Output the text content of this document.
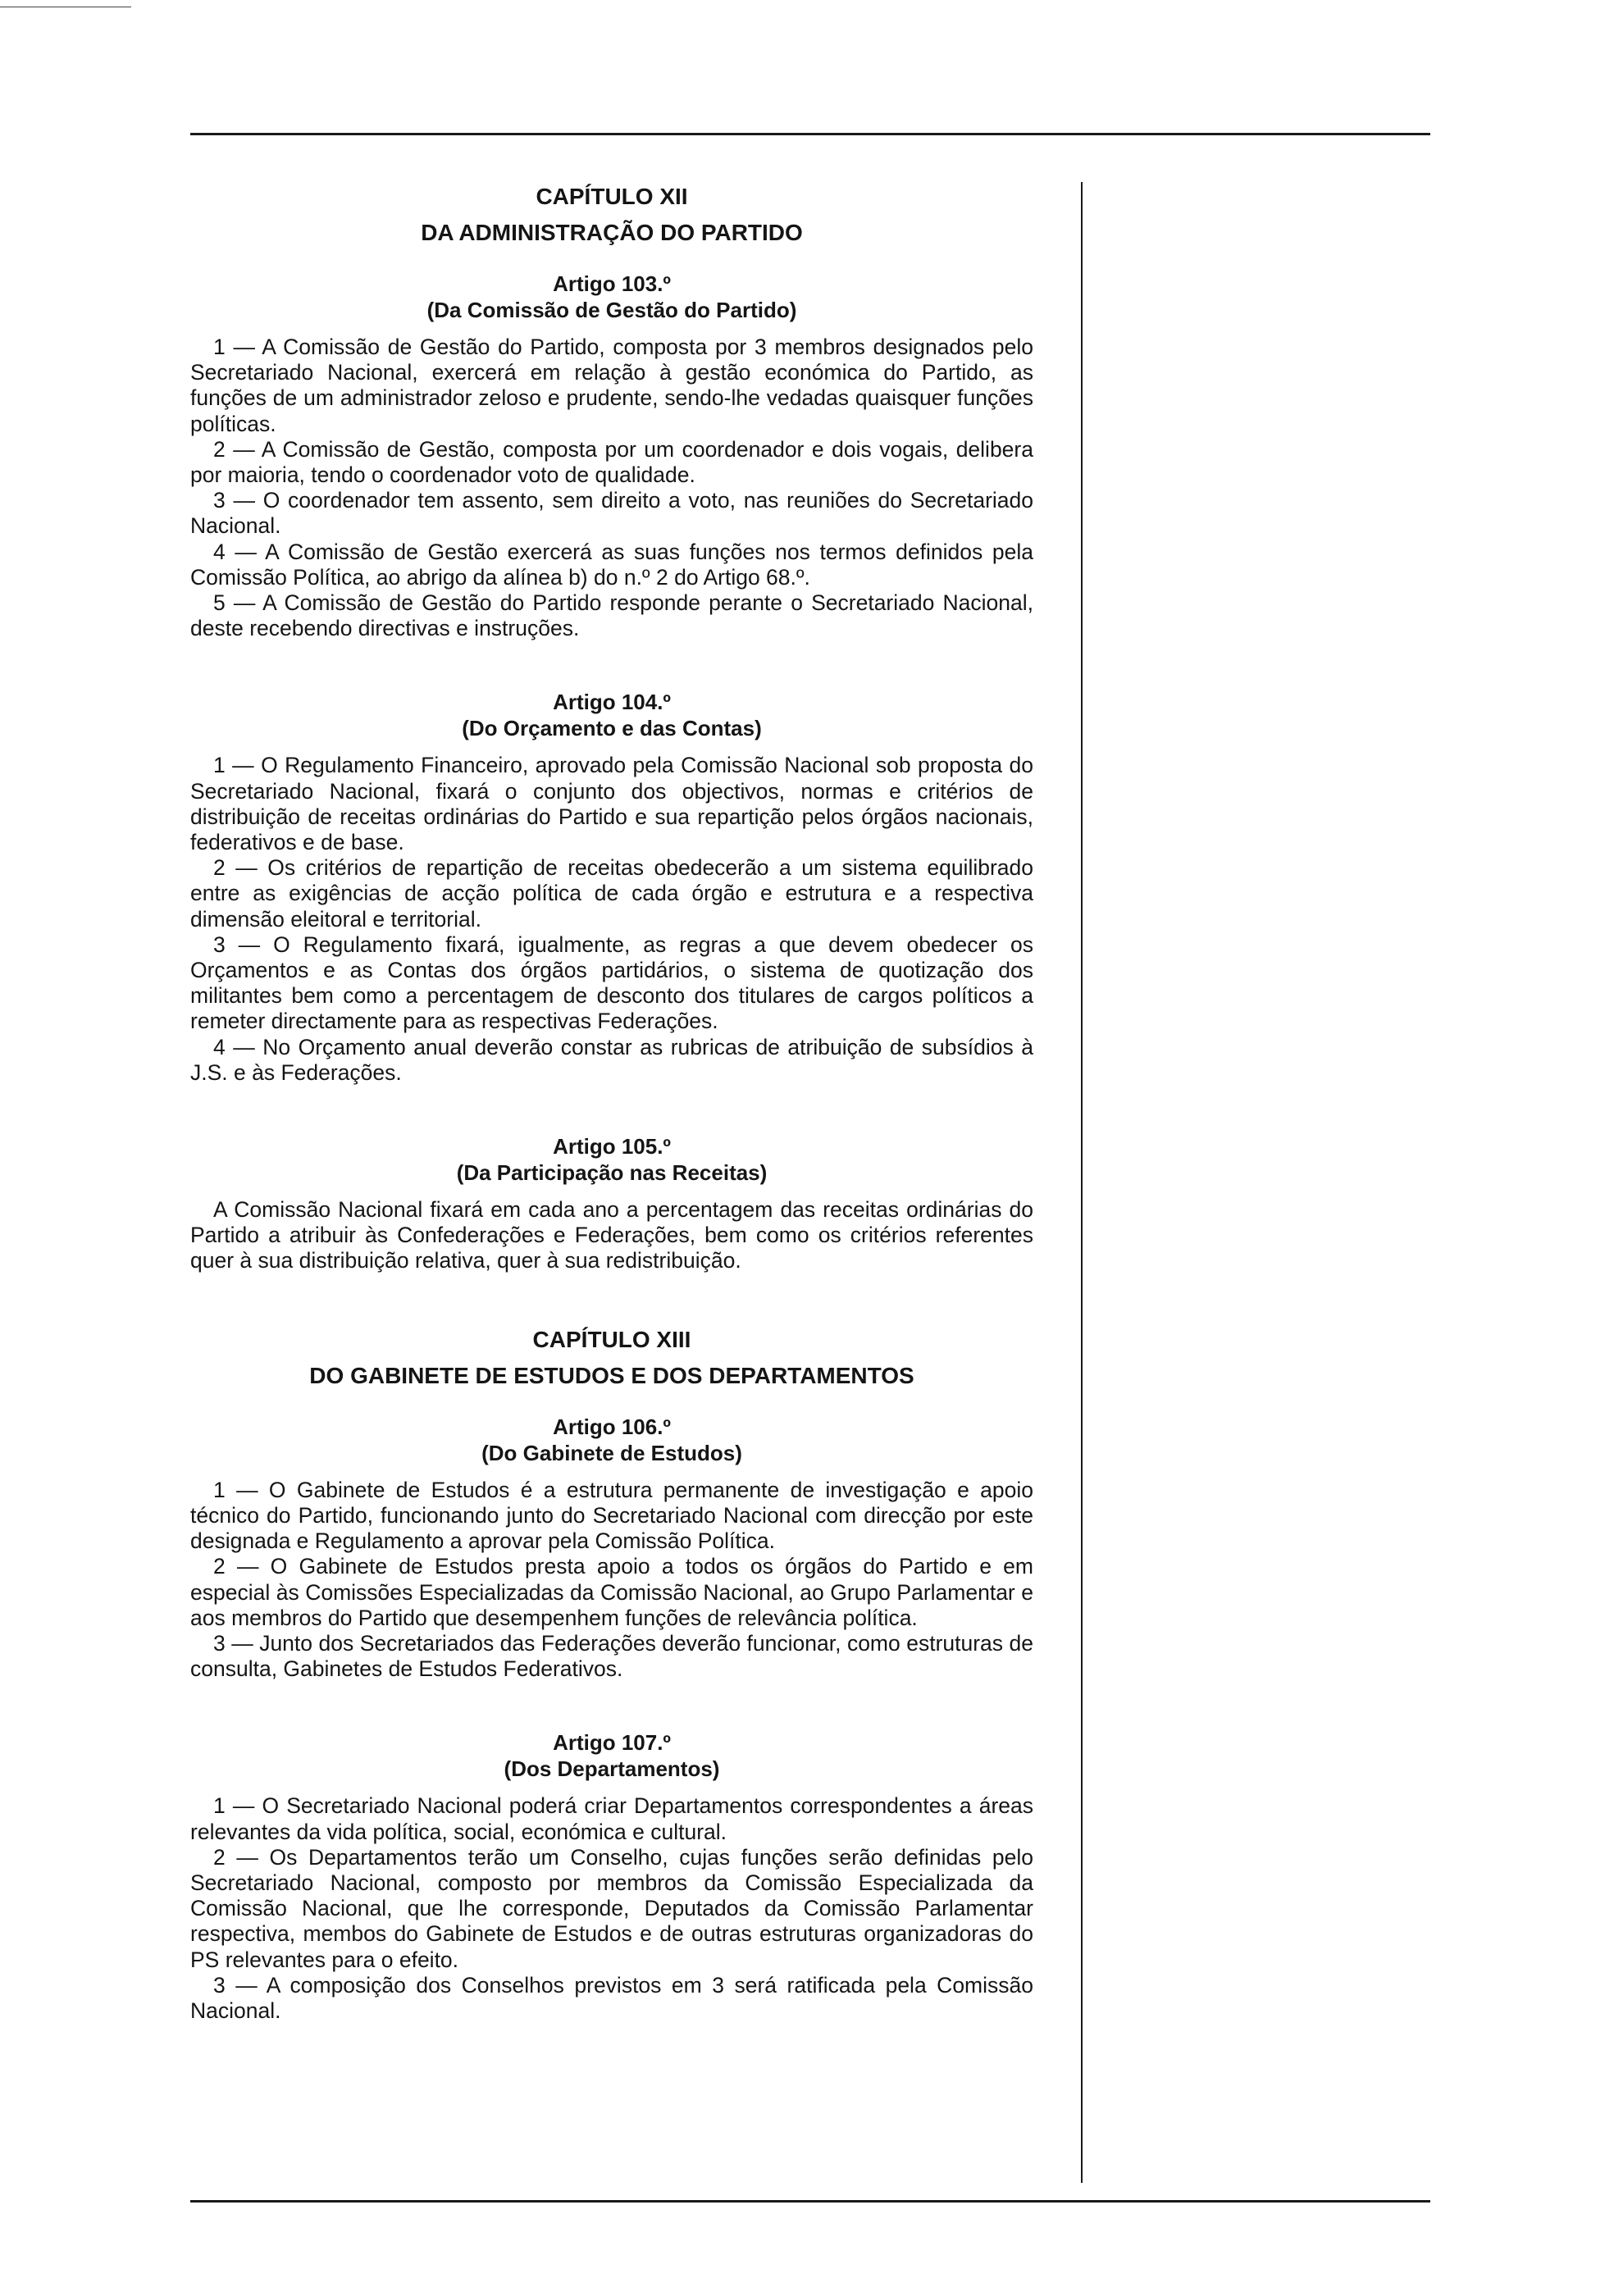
CAPÍTULO XII

DA ADMINISTRAÇÃO DO PARTIDO

Artigo 103.º

(Da Comissão de Gestão do Partido)

1 — A Comissão de Gestão do Partido, composta por 3 membros designados pelo Secretariado Nacional, exercerá em relação à gestão económica do Partido, as funções de um administrador zeloso e prudente, sendo-lhe vedadas quaisquer funções políticas.

2 — A Comissão de Gestão, composta por um coordenador e dois vogais, delibera por maioria, tendo o coordenador voto de qualidade.

3 — O coordenador tem assento, sem direito a voto, nas reuniões do Secretariado Nacional.

4 — A Comissão de Gestão exercerá as suas funções nos termos definidos pela Comissão Política, ao abrigo da alínea b) do n.º 2 do Artigo 68.º.

5 — A Comissão de Gestão do Partido responde perante o Secretariado Nacional, deste recebendo directivas e instruções.

Artigo 104.º

(Do Orçamento e das Contas)

1 — O Regulamento Financeiro, aprovado pela Comissão Nacional sob proposta do Secretariado Nacional, fixará o conjunto dos objectivos, normas e critérios de distribuição de receitas ordinárias do Partido e sua repartição pelos órgãos nacionais, federativos e de base.

2 — Os critérios de repartição de receitas obedecerão a um sistema equilibrado entre as exigências de acção política de cada órgão e estrutura e a respectiva dimensão eleitoral e territorial.

3 — O Regulamento fixará, igualmente, as regras a que devem obedecer os Orçamentos e as Contas dos órgãos partidários, o sistema de quotização dos militantes bem como a percentagem de desconto dos titulares de cargos políticos a remeter directamente para as respectivas Federações.

4 — No Orçamento anual deverão constar as rubricas de atribuição de subsídios à J.S. e às Federações.

Artigo 105.º

(Da Participação nas Receitas)

A Comissão Nacional fixará em cada ano a percentagem das receitas ordinárias do Partido a atribuir às Confederações e Federações, bem como os critérios referentes quer à sua distribuição relativa, quer à sua redistribuição.

CAPÍTULO XIII

DO GABINETE DE ESTUDOS E DOS DEPARTAMENTOS

Artigo 106.º

(Do Gabinete de Estudos)

1 — O Gabinete de Estudos é a estrutura permanente de investigação e apoio técnico do Partido, funcionando junto do Secretariado Nacional com direcção por este designada e Regulamento a aprovar pela Comissão Política.

2 — O Gabinete de Estudos presta apoio a todos os órgãos do Partido e em especial às Comissões Especializadas da Comissão Nacional, ao Grupo Parlamentar e aos membros do Partido que desempenhem funções de relevância política.

3 — Junto dos Secretariados das Federações deverão funcionar, como estruturas de consulta, Gabinetes de Estudos Federativos.

Artigo 107.º

(Dos Departamentos)

1 — O Secretariado Nacional poderá criar Departamentos correspondentes a áreas relevantes da vida política, social, económica e cultural.

2 — Os Departamentos terão um Conselho, cujas funções serão definidas pelo Secretariado Nacional, composto por membros da Comissão Especializada da Comissão Nacional, que lhe corresponde, Deputados da Comissão Parlamentar respectiva, membos do Gabinete de Estudos e de outras estruturas organizadoras do PS relevantes para o efeito.

3 — A composição dos Conselhos previstos em 3 será ratificada pela Comissão Nacional.
